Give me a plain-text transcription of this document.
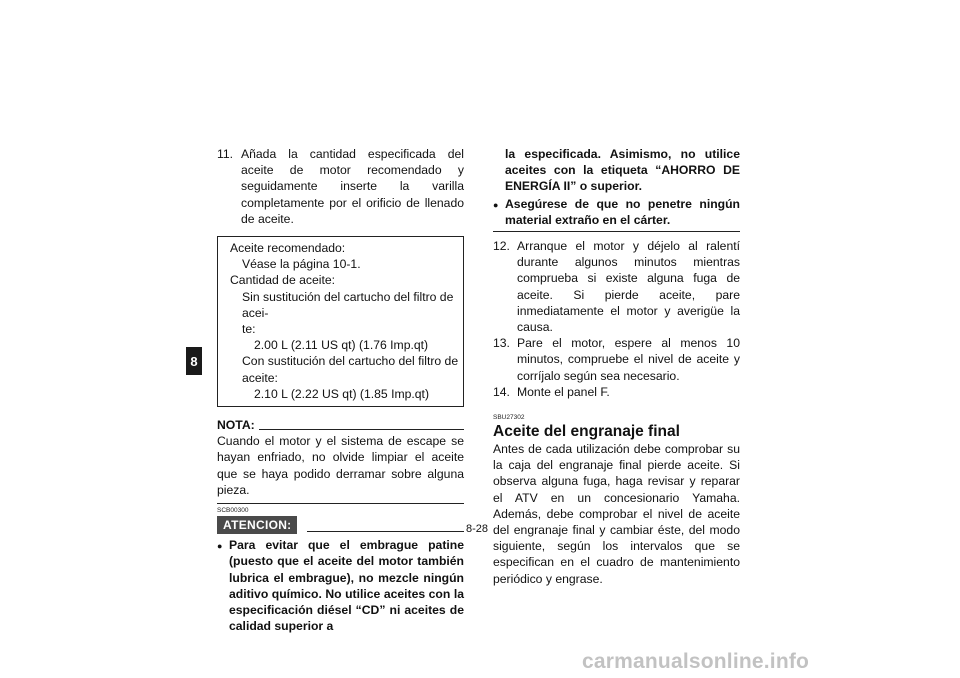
8
11. Añada la cantidad especificada del aceite de motor recomendado y seguidamente inserte la varilla completamente por el orificio de llenado de aceite.
Aceite recomendado:
Véase la página 10-1.
Cantidad de aceite:
Sin sustitución del cartucho del filtro de acei-
te:
2.00 L (2.11 US qt) (1.76 Imp.qt)
Con sustitución del cartucho del filtro de
aceite:
2.10 L (2.22 US qt) (1.85 Imp.qt)
NOTA:
Cuando el motor y el sistema de escape se hayan enfriado, no olvide limpiar el aceite que se haya podido derramar sobre alguna pieza.
SCB00300
ATENCION:
● Para evitar que el embrague patine (puesto que el aceite del motor también lubrica el embrague), no mezcle ningún aditivo químico. No utilice aceites con la especificación diésel “CD” ni aceites de calidad superior a
la especificada. Asimismo, no utilice aceites con la etiqueta “AHORRO DE ENERGÍA II” o superior.
● Asegúrese de que no penetre ningún material extraño en el cárter.
12. Arranque el motor y déjelo al ralentí durante algunos minutos mientras comprueba si existe alguna fuga de aceite. Si pierde aceite, pare inmediatamente el motor y averigüe la causa.
13. Pare el motor, espere al menos 10 minutos, compruebe el nivel de aceite y corríjalo según sea necesario.
14. Monte el panel F.
SBU27302
Aceite del engranaje final
Antes de cada utilización debe comprobar su la caja del engranaje final pierde aceite. Si observa alguna fuga, haga revisar y reparar el ATV en un concesionario Yamaha. Además, debe comprobar el nivel de aceite del engranaje final y cambiar éste, del modo siguiente, según los intervalos que se especifican en el cuadro de mantenimiento periódico y engrase.
8-28
carmanualsonline.info
